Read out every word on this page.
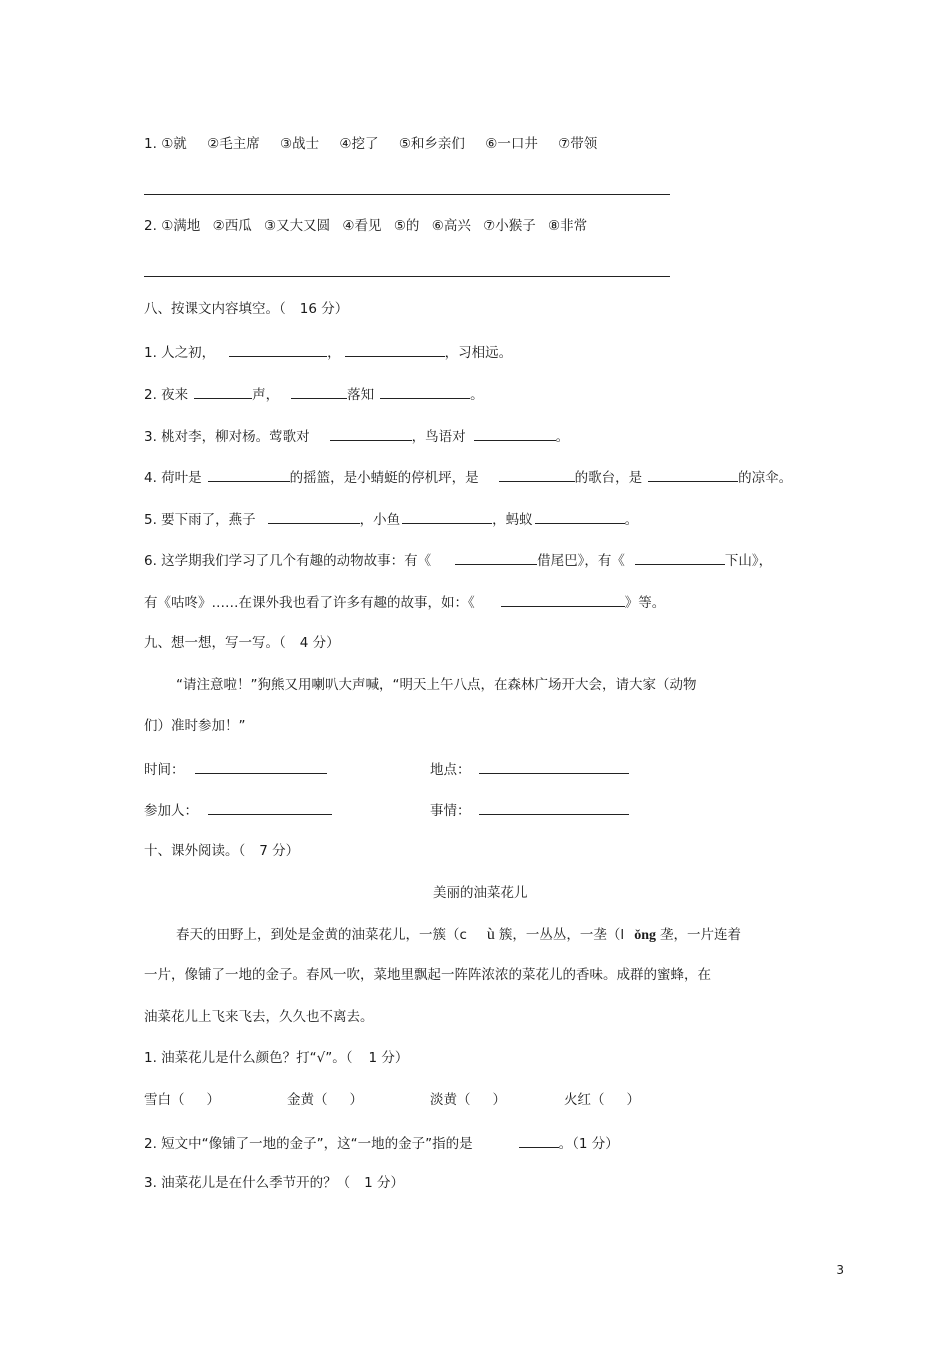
1. ①就 ②毛主席 ③战士 ④挖了 ⑤和乡亲们 ⑥一口井 ⑦带领
2. ①满地 ②西瓜 ③又大又圆 ④看见 ⑤的 ⑥高兴 ⑦小猴子 ⑧非常
八、按课文内容填空。（ 16 分）
1. 人之初，	，	，习相远。
2. 夜来	声，	落知	。
3. 桃对李，柳对杨。莺歌对	，鸟语对	。
4. 荷叶是	的摇篮，是小蜻蜓的停机坪，是	的歌台，是	的凉伞。
5. 要下雨了，燕子	，小鱼	，蚂蚁	。
6. 这学期我们学习了几个有趣的动物故事：有《	借尾巴》，有《	下山》，
有《咕咚》……在课外我也看了许多有趣的故事，如：《	》等。
九、想一想，写一写。（ 4 分）
“请注意啦！”狗熊又用喇叭大声喊，“明天上午八点，在森林广场开大会，请大家（动物
们）准时参加！”
时间：	地点：
参加人：	事情：
十、课外阅读。（ 7 分）
美丽的油菜花儿
春天的田野上，到处是金黄的油菜花儿，一簇（c ù 簇，一丛丛，一垄（l ǒng 垄，一片连着
一片，像铺了一地的金子。春风一吹，菜地里飘起一阵阵浓浓的菜花儿的香味。成群的蜜蜂，在
油菜花儿上飞来飞去，久久也不离去。
1. 油菜花儿是什么颜色？打“√”。（ 1 分）
雪白（ ）	金黄（ ）	淡黄（ ）	火红（ ）
2. 短文中“像铺了一地的金子”，这“一地的金子”指的是	。（1 分）
3. 油菜花儿是在什么季节开的？（ 1 分）
3
